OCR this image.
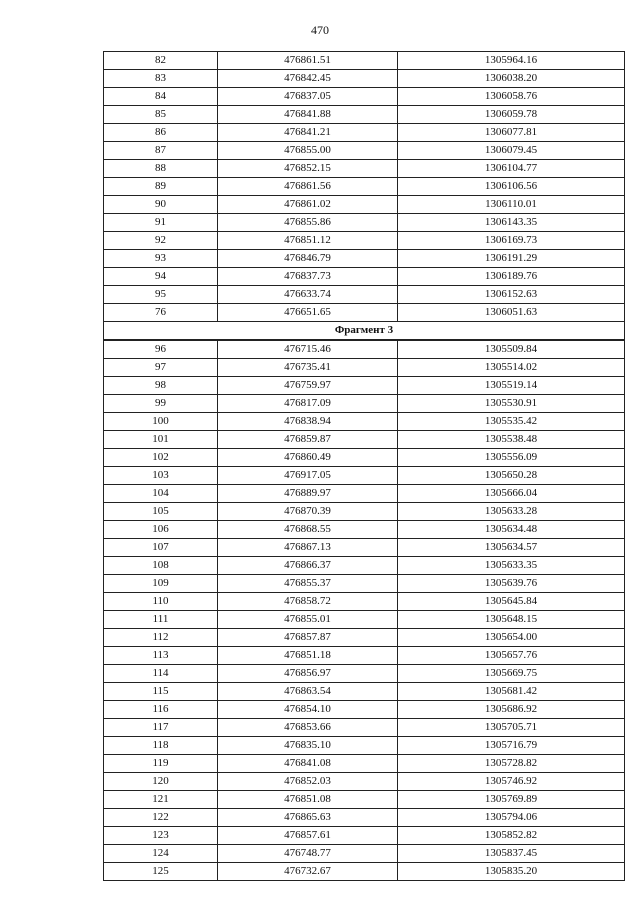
470
82	476861.51	1305964.16
83	476842.45	1306038.20
84	476837.05	1306058.76
85	476841.88	1306059.78
86	476841.21	1306077.81
87	476855.00	1306079.45
88	476852.15	1306104.77
89	476861.56	1306106.56
90	476861.02	1306110.01
91	476855.86	1306143.35
92	476851.12	1306169.73
93	476846.79	1306191.29
94	476837.73	1306189.76
95	476633.74	1306152.63
76	476651.65	1306051.63
Фрагмент 3		
96	476715.46	1305509.84
97	476735.41	1305514.02
98	476759.97	1305519.14
99	476817.09	1305530.91
100	476838.94	1305535.42
101	476859.87	1305538.48
102	476860.49	1305556.09
103	476917.05	1305650.28
104	476889.97	1305666.04
105	476870.39	1305633.28
106	476868.55	1305634.48
107	476867.13	1305634.57
108	476866.37	1305633.35
109	476855.37	1305639.76
110	476858.72	1305645.84
111	476855.01	1305648.15
112	476857.87	1305654.00
113	476851.18	1305657.76
114	476856.97	1305669.75
115	476863.54	1305681.42
116	476854.10	1305686.92
117	476853.66	1305705.71
118	476835.10	1305716.79
119	476841.08	1305728.82
120	476852.03	1305746.92
121	476851.08	1305769.89
122	476865.63	1305794.06
123	476857.61	1305852.82
124	476748.77	1305837.45
125	476732.67	1305835.20
